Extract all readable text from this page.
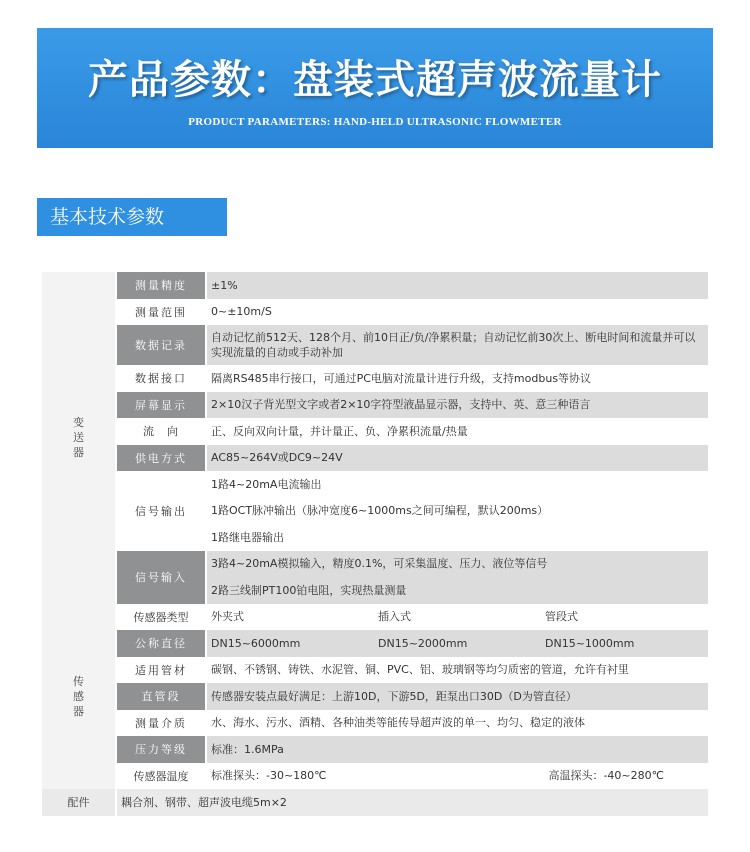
产品参数：盘装式超声波流量计
PRODUCT PARAMETERS: HAND-HELD ULTRASONIC FLOWMETER
基本技术参数
变送器	测量精度	±1%		
	测量范围	0~±10m/S		
	数据记录	自动记忆前512天、128个月、前10日正/负/净累积量；自动记忆前30次上、断电时间和流量并可以实现流量的自动或手动补加		
	数据接口	隔离RS485串行接口，可通过PC电脑对流量计进行升级，支持modbus等协议		
	屏幕显示	2×10汉子背光型文字或者2×10字符型液晶显示器，支持中、英、意三种语言		
	流　向	正、反向双向计量，并计量正、负、净累积流量/热量		
	供电方式	AC85~264V或DC9~24V		
	信号输出	1路4~20mA电流输出		
		1路OCT脉冲输出（脉冲宽度6~1000ms之间可编程，默认200ms）		
		1路继电器输出		
	信号输入	3路4~20mA模拟输入，精度0.1%，可采集温度、压力、液位等信号		
		2路三线制PT100铂电阻，实现热量测量		
传感器	传感器类型	外夹式	插入式	管段式
	公称直径	DN15~6000mm	DN15~2000mm	DN15~1000mm
	适用管材	碳钢、不锈钢、铸铁、水泥管、铜、PVC、铝、玻璃钢等均匀质密的管道，允许有衬里		
	直管段	传感器安装点最好满足：上游10D，下游5D，距泵出口30D（D为管直径）		
	测量介质	水、海水、污水、酒精、各种油类等能传导超声波的单一、均匀、稳定的液体		
	压力等级	标准：1.6MPa		
	传感器温度	标准探头：-30~180℃		高温探头：-40~280℃
配件	耦合剂、钢带、超声波电缆5m×2			
